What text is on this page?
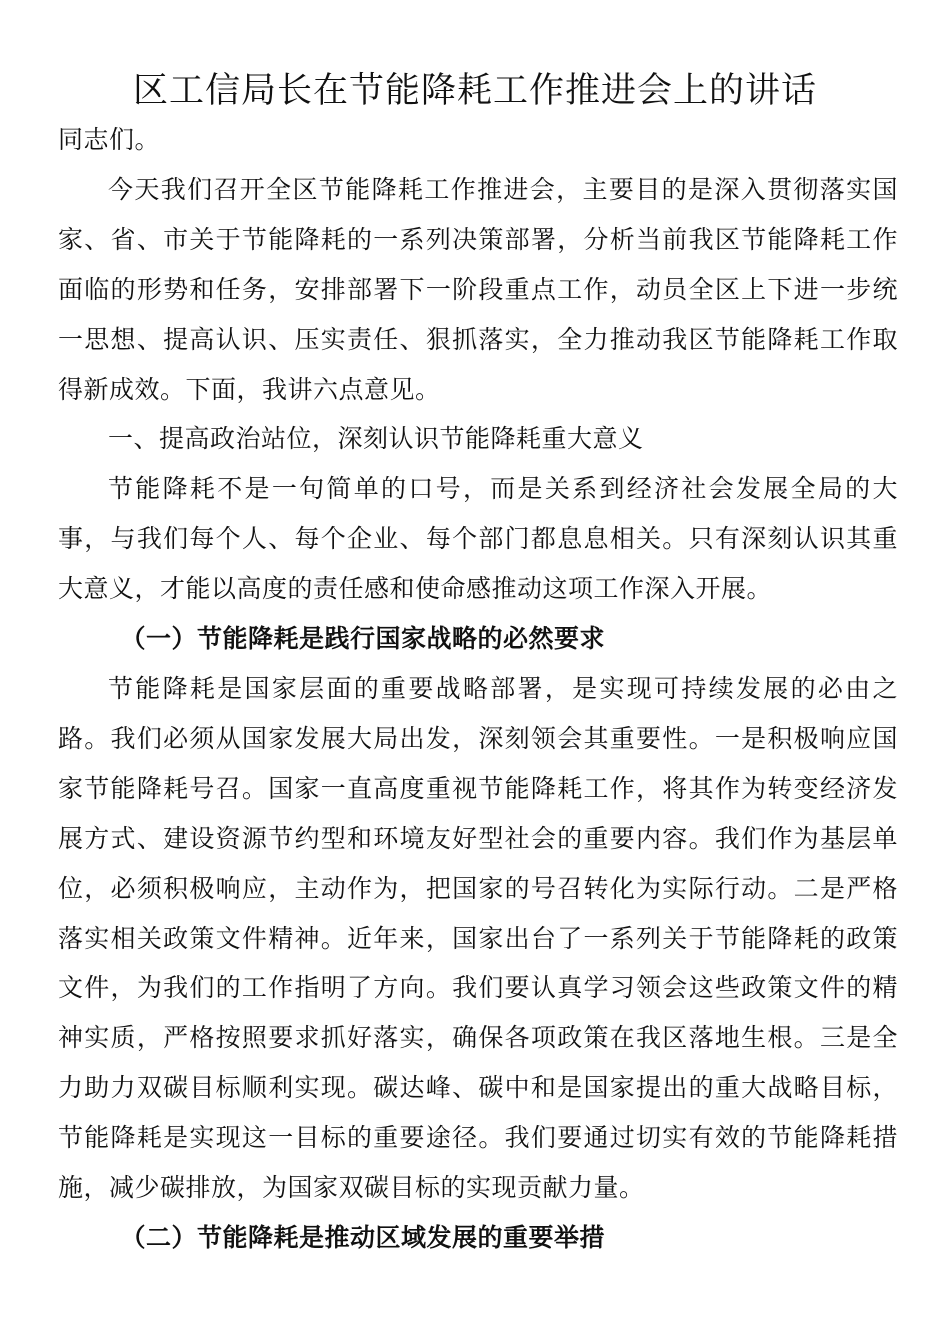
区工信局长在节能降耗工作推进会上的讲话

同志们。

今天我们召开全区节能降耗工作推进会，主要目的是深入贯彻落实国家、省、市关于节能降耗的一系列决策部署，分析当前我区节能降耗工作面临的形势和任务，安排部署下一阶段重点工作，动员全区上下进一步统一思想、提高认识、压实责任、狠抓落实，全力推动我区节能降耗工作取得新成效。下面，我讲六点意见。

一、提高政治站位，深刻认识节能降耗重大意义

节能降耗不是一句简单的口号，而是关系到经济社会发展全局的大事，与我们每个人、每个企业、每个部门都息息相关。只有深刻认识其重大意义，才能以高度的责任感和使命感推动这项工作深入开展。

（一）节能降耗是践行国家战略的必然要求

节能降耗是国家层面的重要战略部署，是实现可持续发展的必由之路。我们必须从国家发展大局出发，深刻领会其重要性。一是积极响应国家节能降耗号召。国家一直高度重视节能降耗工作，将其作为转变经济发展方式、建设资源节约型和环境友好型社会的重要内容。我们作为基层单位，必须积极响应，主动作为，把国家的号召转化为实际行动。二是严格落实相关政策文件精神。近年来，国家出台了一系列关于节能降耗的政策文件，为我们的工作指明了方向。我们要认真学习领会这些政策文件的精神实质，严格按照要求抓好落实，确保各项政策在我区落地生根。三是全力助力双碳目标顺利实现。碳达峰、碳中和是国家提出的重大战略目标，节能降耗是实现这一目标的重要途径。我们要通过切实有效的节能降耗措施，减少碳排放，为国家双碳目标的实现贡献力量。

（二）节能降耗是推动区域发展的重要举措
